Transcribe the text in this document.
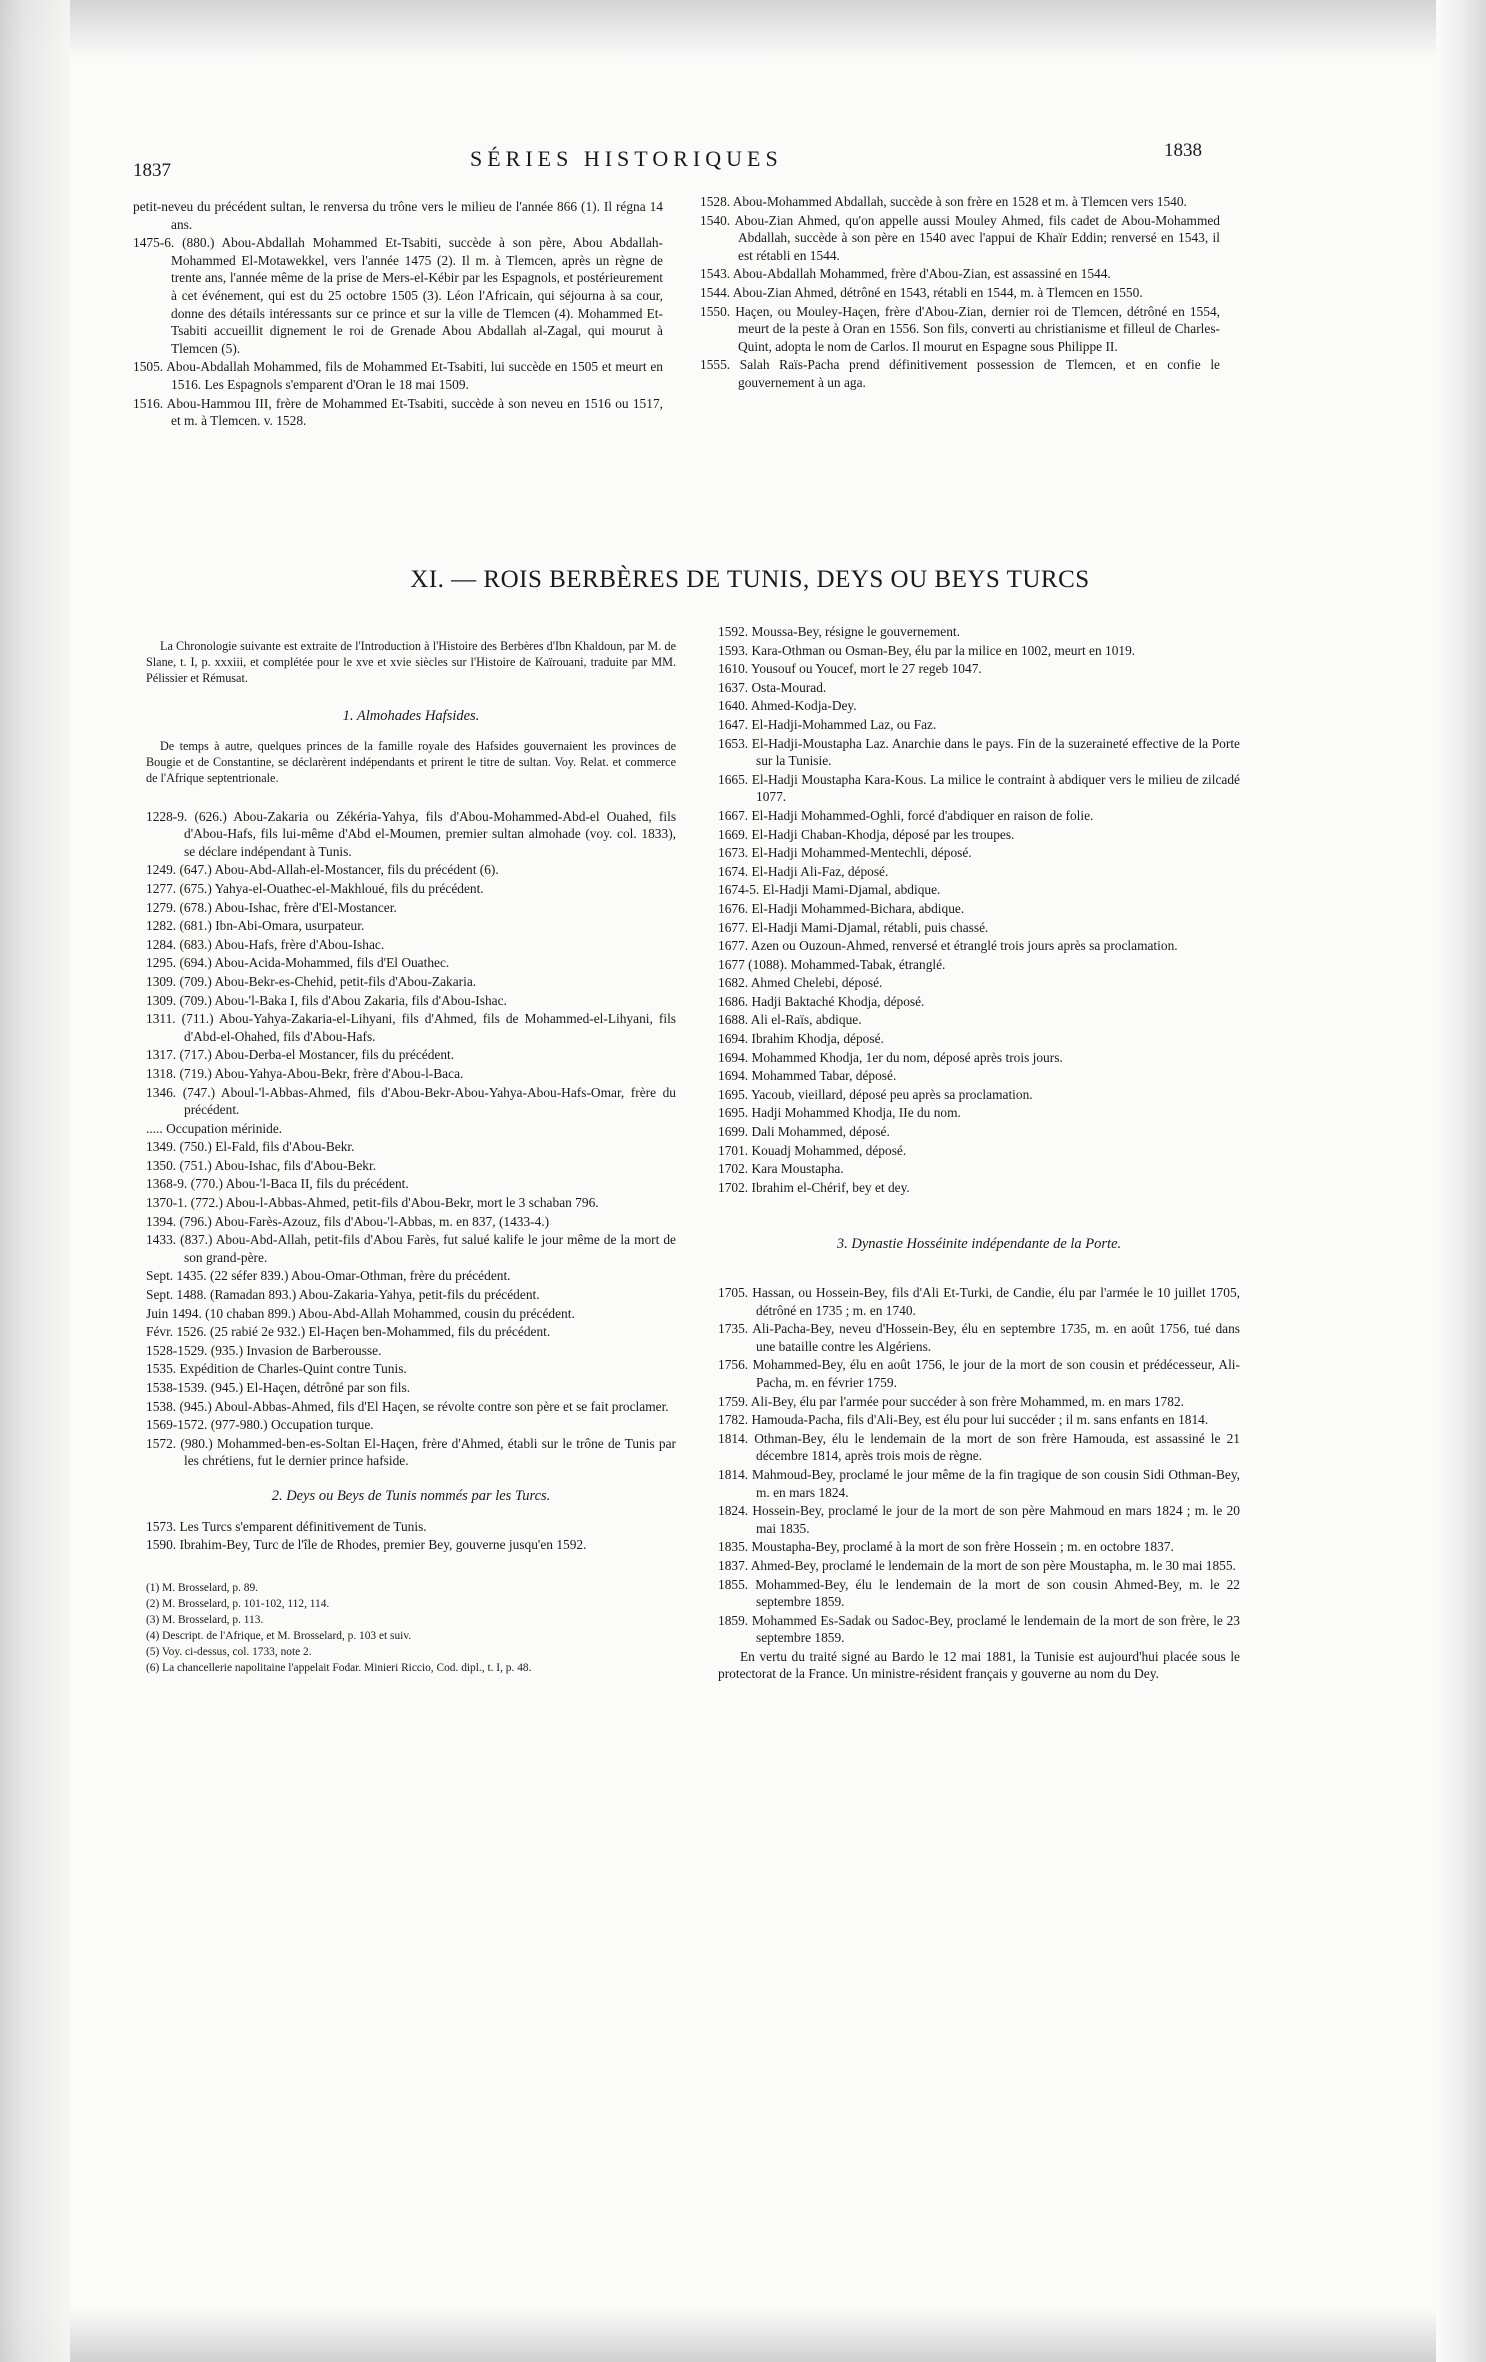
1837	SÉRIES HISTORIQUES	1838

petit-neveu du précédent sultan, le renversa du trône vers le milieu de l'année 866 (1). Il régna 14 ans.

1475-6. (880.) Abou-Abdallah Mohammed Et-Tsabiti, succède à son père, Abou Abdallah-Mohammed El-Motawekkel, vers l'année 1475 (2). Il m. à Tlemcen, après un règne de trente ans, l'année même de la prise de Mers-el-Kébir par les Espagnols, et postérieurement à cet événement, qui est du 25 octobre 1505 (3). Léon l'Africain, qui séjourna à sa cour, donne des détails intéressants sur ce prince et sur la ville de Tlemcen (4). Mohammed Et-Tsabiti accueillit dignement le roi de Grenade Abou Abdallah al-Zagal, qui mourut à Tlemcen (5).

1505. Abou-Abdallah Mohammed, fils de Mohammed Et-Tsabiti, lui succède en 1505 et meurt en 1516. Les Espagnols s'emparent d'Oran le 18 mai 1509.

1516. Abou-Hammou III, frère de Mohammed Et-Tsabiti, succède à son neveu en 1516 ou 1517, et m. à Tlemcen. v. 1528.

1528. Abou-Mohammed Abdallah, succède à son frère en 1528 et m. à Tlemcen vers 1540.

1540. Abou-Zian Ahmed, qu'on appelle aussi Mouley Ahmed, fils cadet de Abou-Mohammed Abdallah, succède à son père en 1540 avec l'appui de Khaïr Eddin; renversé en 1543, il est rétabli en 1544.

1543. Abou-Abdallah Mohammed, frère d'Abou-Zian, est assassiné en 1544.

1544. Abou-Zian Ahmed, détrôné en 1543, rétabli en 1544, m. à Tlemcen en 1550.

1550. Haçen, ou Mouley-Haçen, frère d'Abou-Zian, dernier roi de Tlemcen, détrôné en 1554, meurt de la peste à Oran en 1556. Son fils, converti au christianisme et filleul de Charles-Quint, adopta le nom de Carlos. Il mourut en Espagne sous Philippe II.

1555. Salah Raïs-Pacha prend définitivement possession de Tlemcen, et en confie le gouvernement à un aga.

XI. — ROIS BERBÈRES DE TUNIS, DEYS OU BEYS TURCS

La Chronologie suivante est extraite de l'Introduction à l'Histoire des Berbères d'Ibn Khaldoun, par M. de Slane, t. I, p. xxxiii, et complétée pour le xve et xvie siècles sur l'Histoire de Kaïrouani, traduite par MM. Pélissier et Rémusat.

1. Almohades Hafsides.

De temps à autre, quelques princes de la famille royale des Hafsides gouvernaient les provinces de Bougie et de Constantine, se déclarèrent indépendants et prirent le titre de sultan. Voy. Relat. et commerce de l'Afrique septentrionale.

1228-9. (626.) Abou-Zakaria ou Zékéria-Yahya, fils d'Abou-Mohammed-Abd-el Ouahed, fils d'Abou-Hafs, fils lui-même d'Abd el-Moumen, premier sultan almohade (voy. col. 1833), se déclare indépendant à Tunis.

1249. (647.) Abou-Abd-Allah-el-Mostancer, fils du précédent (6).

1277. (675.) Yahya-el-Ouathec-el-Makhloué, fils du précédent.

1279. (678.) Abou-Ishac, frère d'El-Mostancer.

1282. (681.) Ibn-Abi-Omara, usurpateur.

1284. (683.) Abou-Hafs, frère d'Abou-Ishac.

1295. (694.) Abou-Acida-Mohammed, fils d'El Ouathec.

1309. (709.) Abou-Bekr-es-Chehid, petit-fils d'Abou-Zakaria.

1309. (709.) Abou-'l-Baka I, fils d'Abou Zakaria, fils d'Abou-Ishac.

1311. (711.) Abou-Yahya-Zakaria-el-Lihyani, fils d'Ahmed, fils de Mohammed-el-Lihyani, fils d'Abd-el-Ohahed, fils d'Abou-Hafs.

1317. (717.) Abou-Derba-el Mostancer, fils du précédent.

1318. (719.) Abou-Yahya-Abou-Bekr, frère d'Abou-l-Baca.

1346. (747.) Aboul-'l-Abbas-Ahmed, fils d'Abou-Bekr-Abou-Yahya-Abou-Hafs-Omar, frère du précédent.

..... Occupation mérinide.

1349. (750.) El-Fald, fils d'Abou-Bekr.

1350. (751.) Abou-Ishac, fils d'Abou-Bekr.

1368-9. (770.) Abou-'l-Baca II, fils du précédent.

1370-1. (772.) Abou-l-Abbas-Ahmed, petit-fils d'Abou-Bekr, mort le 3 schaban 796.

1394. (796.) Abou-Farès-Azouz, fils d'Abou-'l-Abbas, m. en 837, (1433-4.)

1433. (837.) Abou-Abd-Allah, petit-fils d'Abou Farès, fut salué kalife le jour même de la mort de son grand-père.

Sept. 1435. (22 séfer 839.) Abou-Omar-Othman, frère du précédent.

Sept. 1488. (Ramadan 893.) Abou-Zakaria-Yahya, petit-fils du précédent.

Juin 1494. (10 chaban 899.) Abou-Abd-Allah Mohammed, cousin du précédent.

Févr. 1526. (25 rabié 2e 932.) El-Haçen ben-Mohammed, fils du précédent.

1528-1529. (935.) Invasion de Barberousse.

1535. Expédition de Charles-Quint contre Tunis.

1538-1539. (945.) El-Haçen, détrôné par son fils.

1538. (945.) Aboul-Abbas-Ahmed, fils d'El Haçen, se révolte contre son père et se fait proclamer.

1569-1572. (977-980.) Occupation turque.

1572. (980.) Mohammed-ben-es-Soltan El-Haçen, frère d'Ahmed, établi sur le trône de Tunis par les chrétiens, fut le dernier prince hafside.

2. Deys ou Beys de Tunis nommés par les Turcs.

1573. Les Turcs s'emparent définitivement de Tunis.

1590. Ibrahim-Bey, Turc de l'île de Rhodes, premier Bey, gouverne jusqu'en 1592.

(1) M. Brosselard, p. 89.
(2) M. Brosselard, p. 101-102, 112, 114.
(3) M. Brosselard, p. 113.
(4) Descript. de l'Afrique, et M. Brosselard, p. 103 et suiv.
(5) Voy. ci-dessus, col. 1733, note 2.
(6) La chancellerie napolitaine l'appelait Fodar. Minieri Riccio, Cod. dipl., t. I, p. 48.

1592. Moussa-Bey, résigne le gouvernement.

1593. Kara-Othman ou Osman-Bey, élu par la milice en 1002, meurt en 1019.

1610. Yousouf ou Youcef, mort le 27 regeb 1047.

1637. Osta-Mourad.

1640. Ahmed-Kodja-Dey.

1647. El-Hadji-Mohammed Laz, ou Faz.

1653. El-Hadji-Moustapha Laz. Anarchie dans le pays. Fin de la suzeraineté effective de la Porte sur la Tunisie.

1665. El-Hadji Moustapha Kara-Kous. La milice le contraint à abdiquer vers le milieu de zilcadé 1077.

1667. El-Hadji Mohammed-Oghli, forcé d'abdiquer en raison de folie.

1669. El-Hadji Chaban-Khodja, déposé par les troupes.

1673. El-Hadji Mohammed-Mentechli, déposé.

1674. El-Hadji Ali-Faz, déposé.

1674-5. El-Hadji Mami-Djamal, abdique.

1676. El-Hadji Mohammed-Bichara, abdique.

1677. El-Hadji Mami-Djamal, rétabli, puis chassé.

1677. Azen ou Ouzoun-Ahmed, renversé et étranglé trois jours après sa proclamation.

1677 (1088). Mohammed-Tabak, étranglé.

1682. Ahmed Chelebi, déposé.

1686. Hadji Baktaché Khodja, déposé.

1688. Ali el-Raïs, abdique.

1694. Ibrahim Khodja, déposé.

1694. Mohammed Khodja, 1er du nom, déposé après trois jours.

1694. Mohammed Tabar, déposé.

1695. Yacoub, vieillard, déposé peu après sa proclamation.

1695. Hadji Mohammed Khodja, IIe du nom.

1699. Dali Mohammed, déposé.

1701. Kouadj Mohammed, déposé.

1702. Kara Moustapha.

1702. Ibrahim el-Chérif, bey et dey.

3. Dynastie Hosséinite indépendante de la Porte.

1705. Hassan, ou Hossein-Bey, fils d'Ali Et-Turki, de Candie, élu par l'armée le 10 juillet 1705, détrôné en 1735 ; m. en 1740.

1735. Ali-Pacha-Bey, neveu d'Hossein-Bey, élu en septembre 1735, m. en août 1756, tué dans une bataille contre les Algériens.

1756. Mohammed-Bey, élu en août 1756, le jour de la mort de son cousin et prédécesseur, Ali-Pacha, m. en février 1759.

1759. Ali-Bey, élu par l'armée pour succéder à son frère Mohammed, m. en mars 1782.

1782. Hamouda-Pacha, fils d'Ali-Bey, est élu pour lui succéder ; il m. sans enfants en 1814.

1814. Othman-Bey, élu le lendemain de la mort de son frère Hamouda, est assassiné le 21 décembre 1814, après trois mois de règne.

1814. Mahmoud-Bey, proclamé le jour même de la fin tragique de son cousin Sidi Othman-Bey, m. en mars 1824.

1824. Hossein-Bey, proclamé le jour de la mort de son père Mahmoud en mars 1824 ; m. le 20 mai 1835.

1835. Moustapha-Bey, proclamé à la mort de son frère Hossein ; m. en octobre 1837.

1837. Ahmed-Bey, proclamé le lendemain de la mort de son père Moustapha, m. le 30 mai 1855.

1855. Mohammed-Bey, élu le lendemain de la mort de son cousin Ahmed-Bey, m. le 22 septembre 1859.

1859. Mohammed Es-Sadak ou Sadoc-Bey, proclamé le lendemain de la mort de son frère, le 23 septembre 1859.

En vertu du traité signé au Bardo le 12 mai 1881, la Tunisie est aujourd'hui placée sous le protectorat de la France. Un ministre-résident français y gouverne au nom du Dey.
